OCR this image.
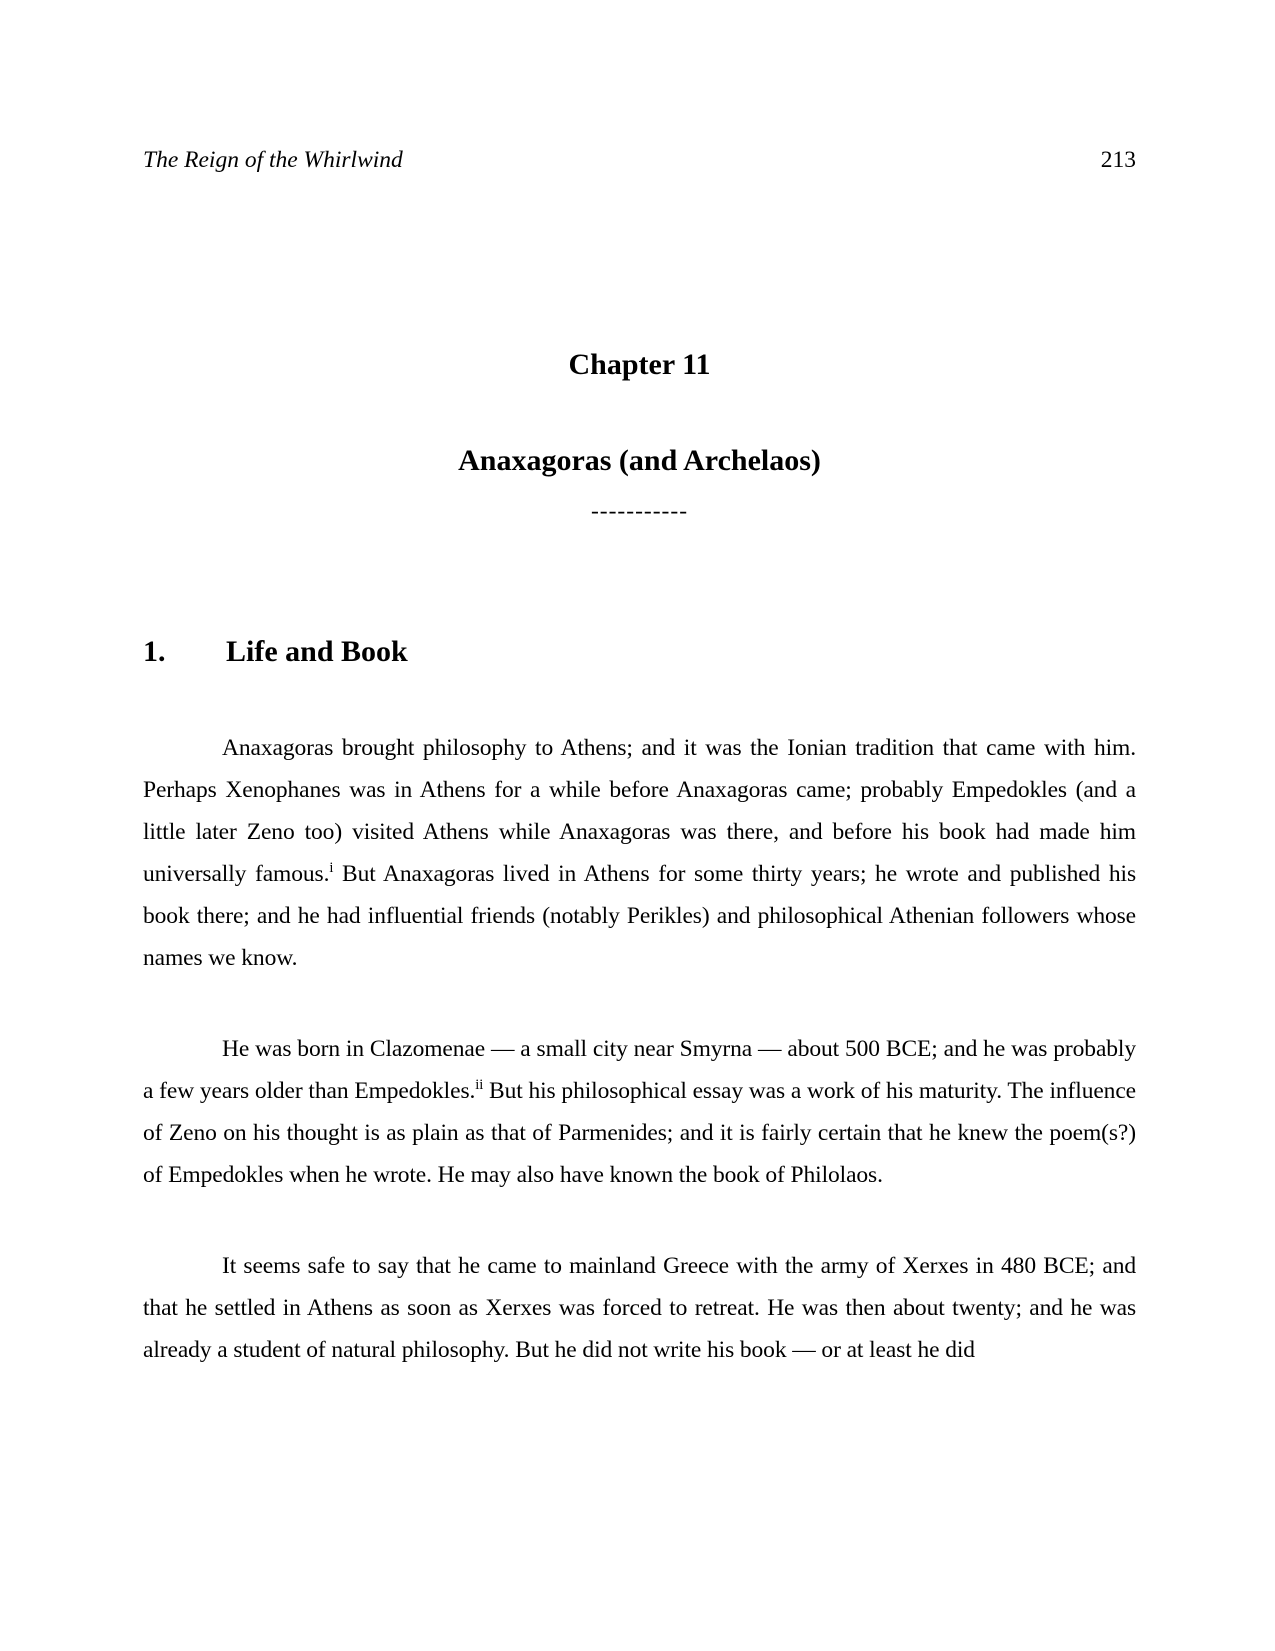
The Reign of the Whirlwind	213
Chapter 11
Anaxagoras (and Archelaos)
-----------
1. Life and Book

Anaxagoras brought philosophy to Athens; and it was the Ionian tradition that came with him. Perhaps Xenophanes was in Athens for a while before Anaxagoras came; probably Empedokles (and a little later Zeno too) visited Athens while Anaxagoras was there, and before his book had made him universally famous.$^i$ But Anaxagoras lived in Athens for some thirty years; he wrote and published his book there; and he had influential friends (notably Perikles) and philosophical Athenian followers whose names we know.

He was born in Clazomenae — a small city near Smyrna — about 500 BCE; and he was probably a few years older than Empedokles.$^{ii}$ But his philosophical essay was a work of his maturity. The influence of Zeno on his thought is as plain as that of Parmenides; and it is fairly certain that he knew the poem(s?) of Empedokles when he wrote. He may also have known the book of Philolaos.

It seems safe to say that he came to mainland Greece with the army of Xerxes in 480 BCE; and that he settled in Athens as soon as Xerxes was forced to retreat. He was then about twenty; and he was already a student of natural philosophy. But he did not write his book — or at least he did
